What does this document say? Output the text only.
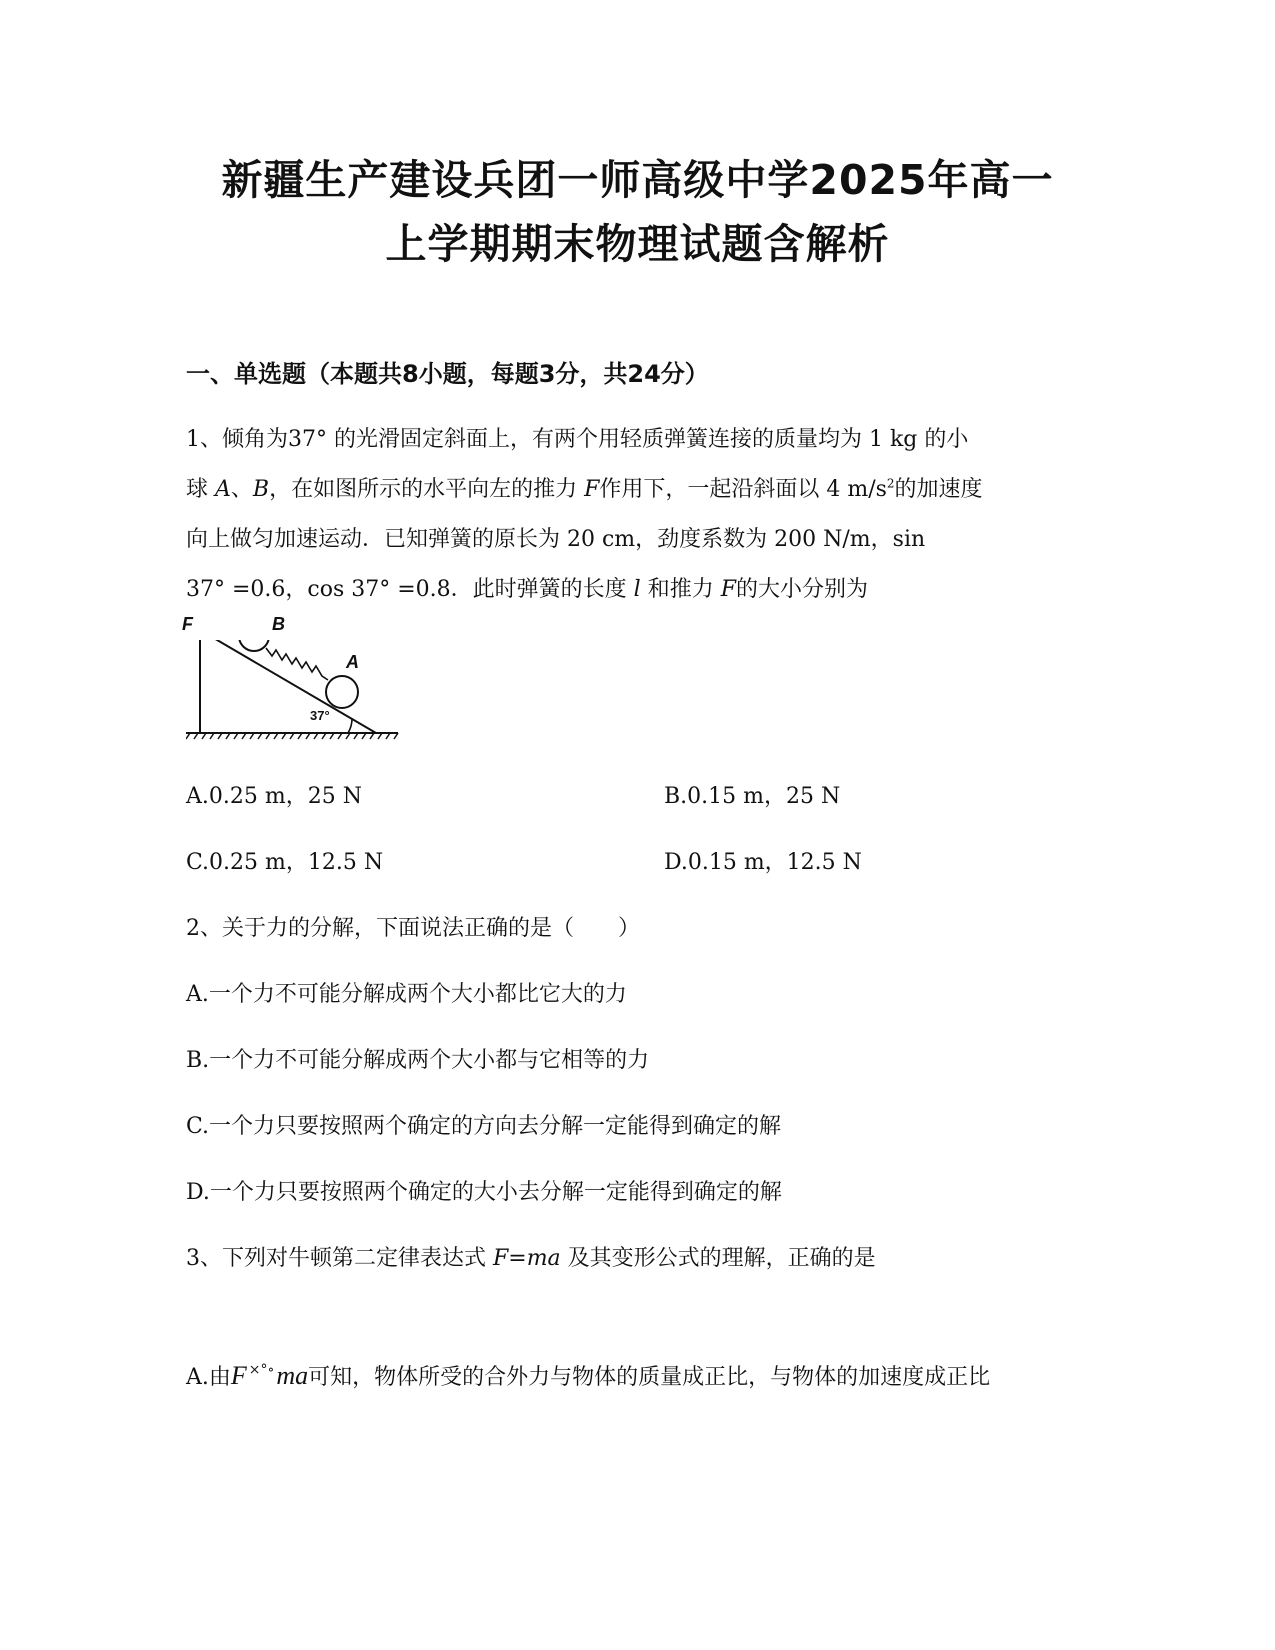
新疆生产建设兵团一师高级中学2025年高一
上学期期末物理试题含解析
一、单选题（本题共8小题，每题3分，共24分）
1、倾角为37° 的光滑固定斜面上，有两个用轻质弹簧连接的质量均为 1 kg 的小
球 A、B，在如图所示的水平向左的推力 F作用下，一起沿斜面以 4 $m/s^2$的加速度
向上做匀加速运动．已知弹簧的原长为 20 cm，劲度系数为 200 N/m，sin
37° =0.6，cos 37° =0.8．此时弹簧的长度 l 和推力 F的大小分别为
F	B
A
37°
A.0.25 m，25 N	B.0.15 m，25 N
C.0.25 m，12.5 N	D.0.15 m，12.5 N
2、关于力的分解，下面说法正确的是（　　）
A.一个力不可能分解成两个大小都比它大的力
B.一个力不可能分解成两个大小都与它相等的力
C.一个力只要按照两个确定的方向去分解一定能得到确定的解
D.一个力只要按照两个确定的大小去分解一定能得到确定的解
3、下列对牛顿第二定律表达式 F=ma 及其变形公式的理解，正确的是
A.由F ×°∘ma可知，物体所受的合外力与物体的质量成正比，与物体的加速度成正比
